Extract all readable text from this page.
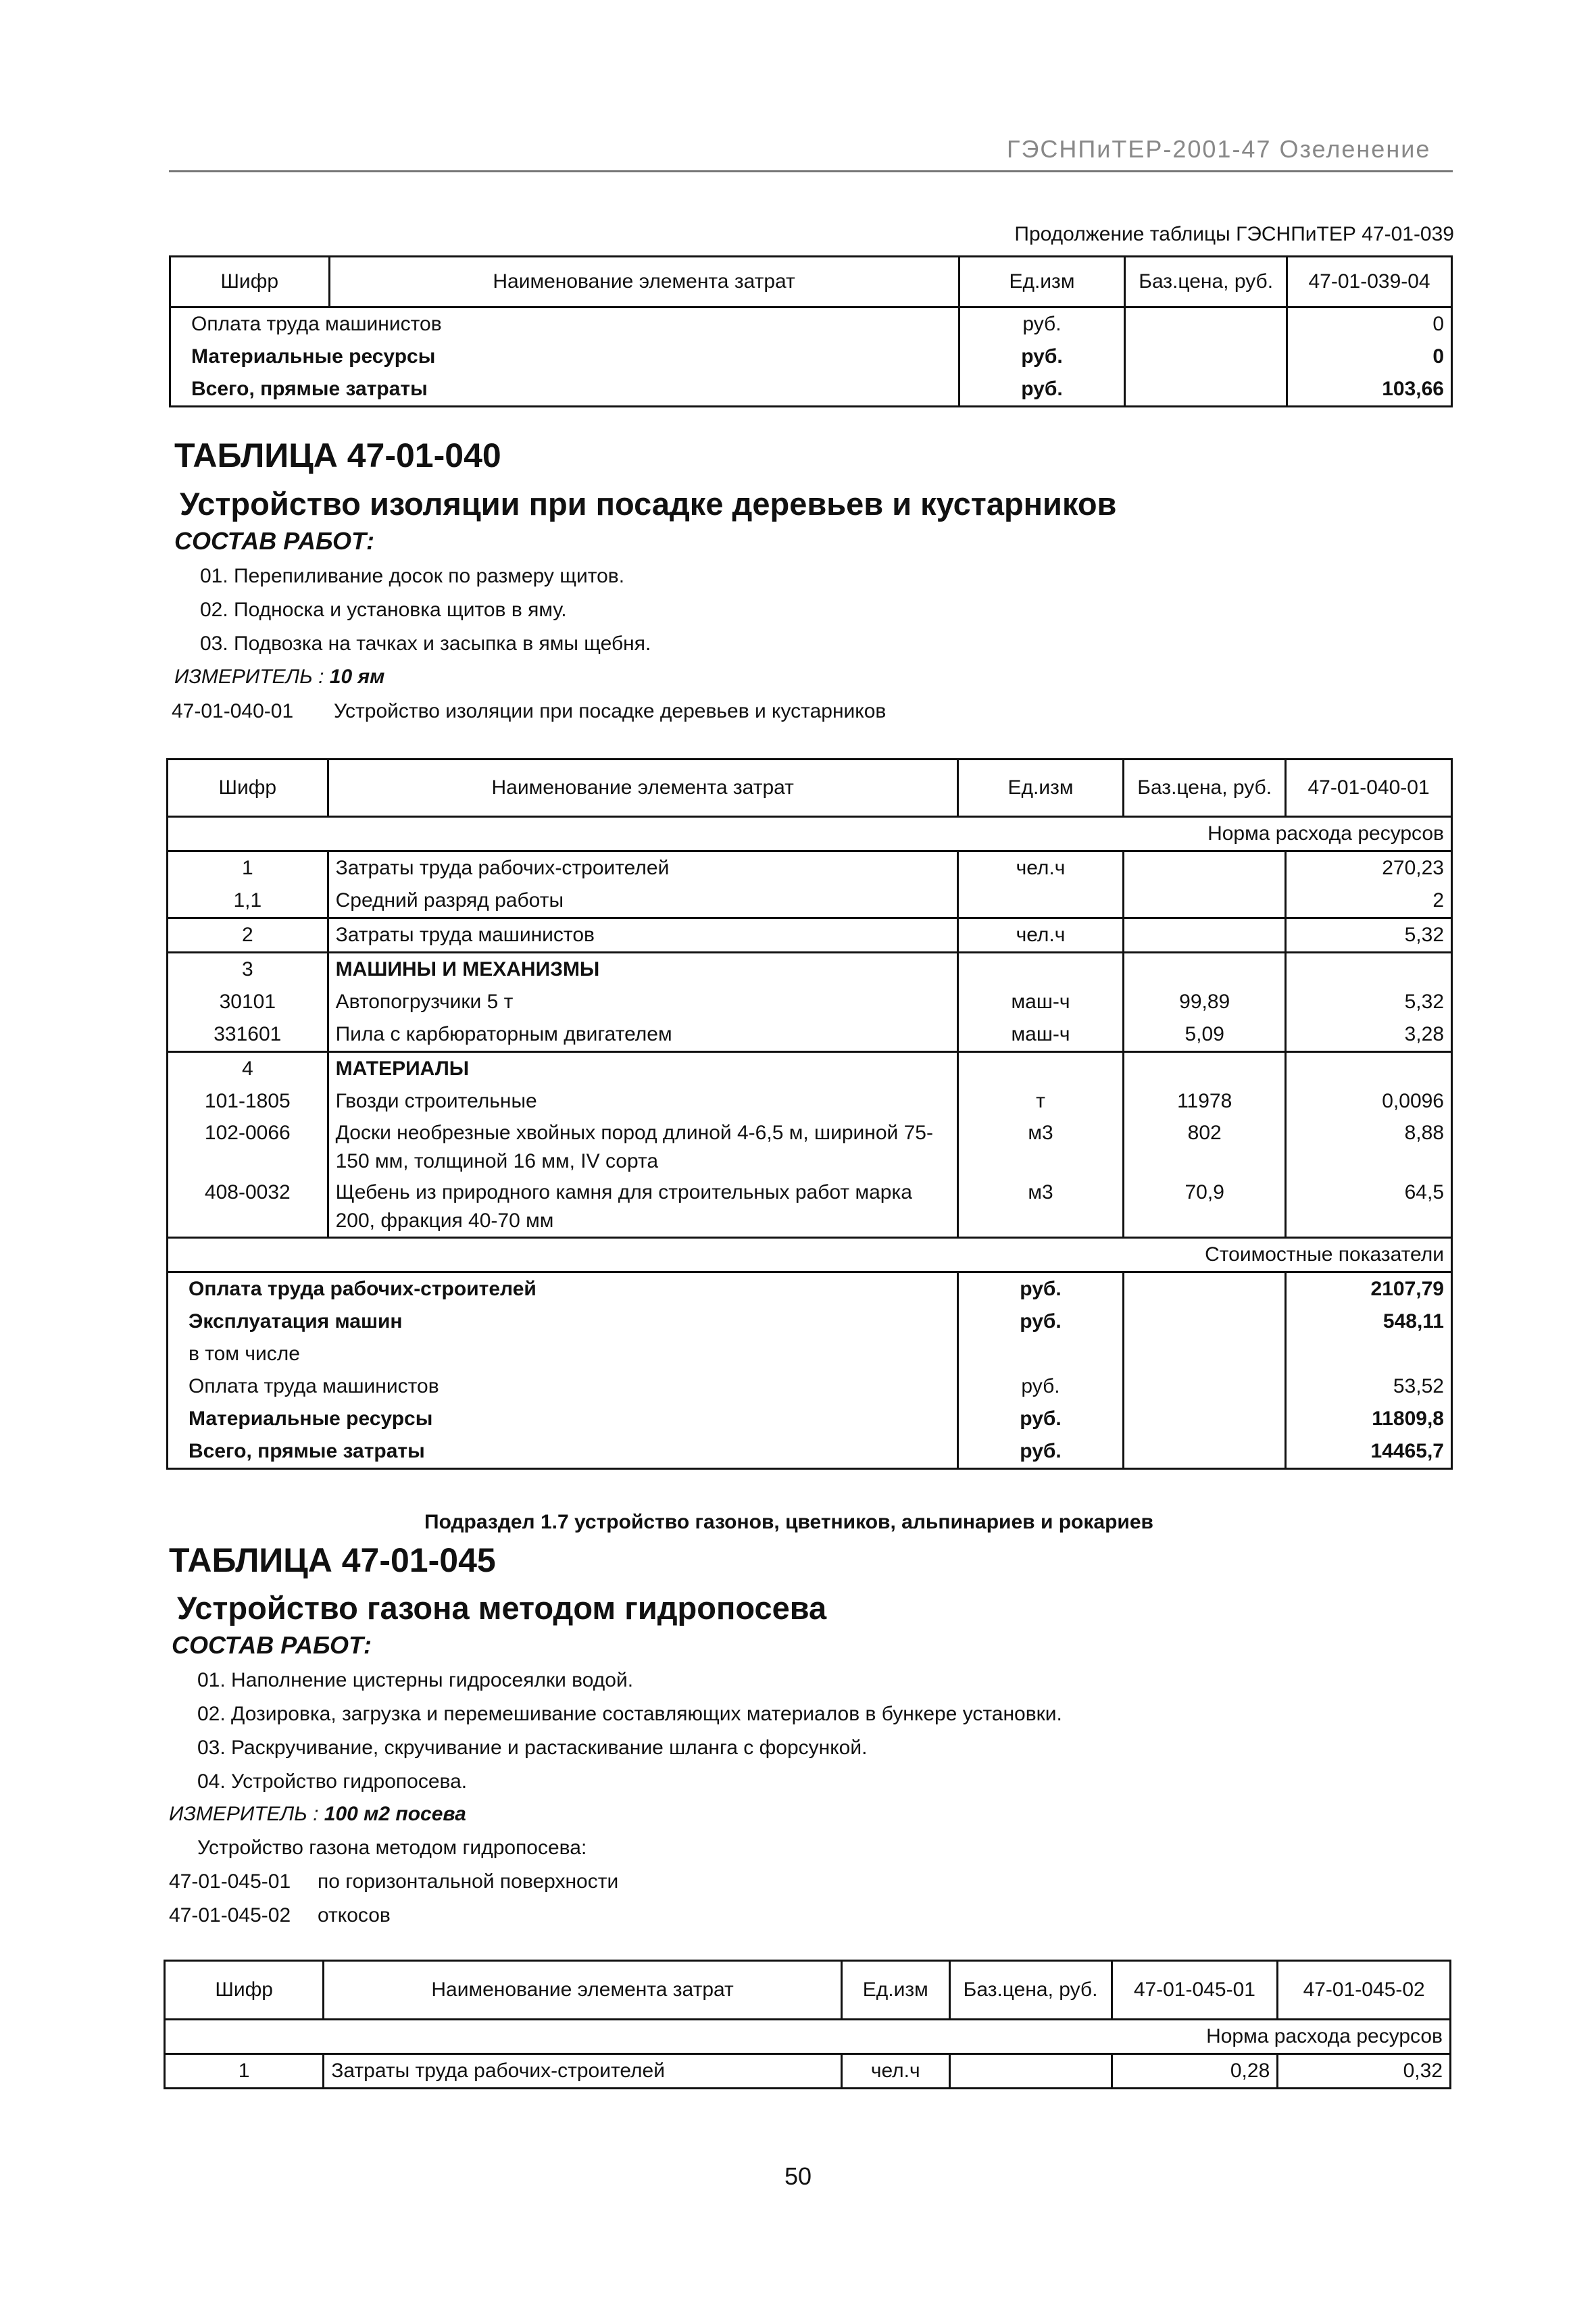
ГЭСНПиТЕР-2001-47 Озеленение
Продолжение таблицы ГЭСНПиТЕР 47-01-039
Шифр	Наименование элемента затрат	Ед.изм	Баз.цена, руб.	47-01-039-04
Оплата труда машинистов		руб.		0
Материальные ресурсы		руб.		0
Всего, прямые затраты		руб.		103,66
ТАБЛИЦА 47-01-040
Устройство изоляции при посадке деревьев и кустарников
СОСТАВ РАБОТ:
01. Перепиливание досок по размеру щитов.
02. Подноска и установка щитов в яму.
03. Подвозка на тачках и засыпка в ямы щебня.
ИЗМЕРИТЕЛЬ : 10 ям
47-01-040-01 Устройство изоляции при посадке деревьев и кустарников
Шифр	Наименование элемента затрат	Ед.изм	Баз.цена, руб.	47-01-040-01
Норма расхода ресурсов				
1	Затраты труда рабочих-строителей	чел.ч		270,23
1,1	Средний разряд работы			2
2	Затраты труда машинистов	чел.ч		5,32
3	МАШИНЫ И МЕХАНИЗМЫ			
30101	Автопогрузчики 5 т	маш-ч	99,89	5,32
331601	Пила с карбюраторным двигателем	маш-ч	5,09	3,28
4	МАТЕРИАЛЫ			
101-1805	Гвозди строительные	т	11978	0,0096
102-0066	Доски необрезные хвойных пород длиной 4-6,5 м, шириной 75-150 мм, толщиной 16 мм, IV сорта	м3	802	8,88
408-0032	Щебень из природного камня для строительных работ марка 200, фракция 40-70 мм	м3	70,9	64,5
Стоимостные показатели				
Оплата труда рабочих-строителей		руб.		2107,79
Эксплуатация машин		руб.		548,11
в том числе				
Оплата труда машинистов		руб.		53,52
Материальные ресурсы		руб.		11809,8
Всего, прямые затраты		руб.		14465,7
Подраздел 1.7 устройство газонов, цветников, альпинариев и рокариев
ТАБЛИЦА 47-01-045
Устройство газона методом гидропосева
СОСТАВ РАБОТ:
01. Наполнение цистерны гидросеялки водой.
02. Дозировка, загрузка и перемешивание составляющих материалов в бункере установки.
03. Раскручивание, скручивание и растаскивание шланга с форсункой.
04. Устройство гидропосева.
ИЗМЕРИТЕЛЬ : 100 м2 посева
Устройство газона методом гидропосева:
47-01-045-01 по горизонтальной поверхности
47-01-045-02 откосов
Шифр	Наименование элемента затрат	Ед.изм	Баз.цена, руб.	47-01-045-01	47-01-045-02
Норма расхода ресурсов					
1	Затраты труда рабочих-строителей	чел.ч		0,28	0,32
50
